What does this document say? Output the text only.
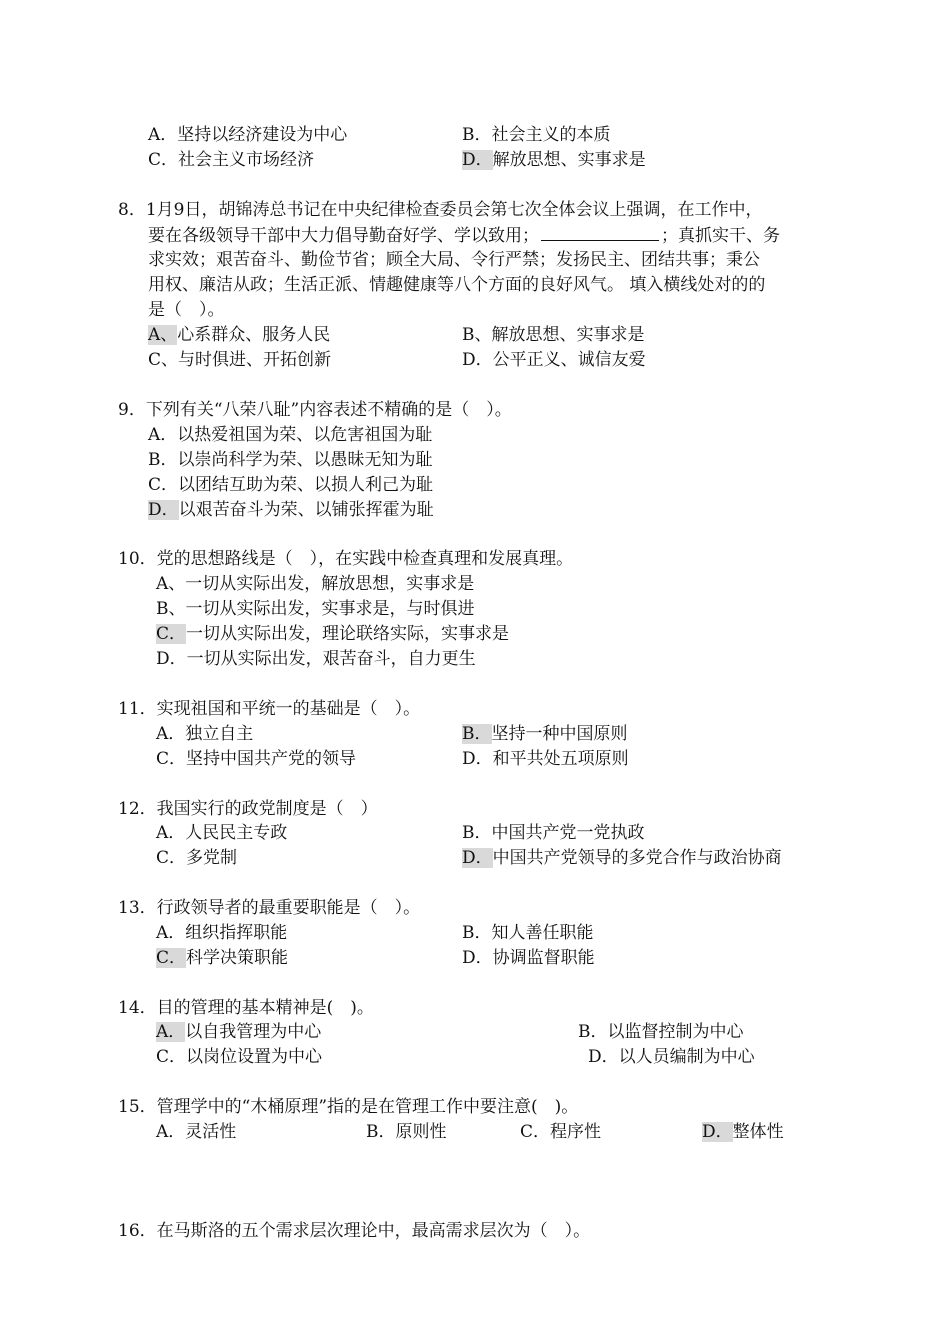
A．坚持以经济建设为中心	B．社会主义的本质
C．社会主义市场经济	D．解放思想、实事求是
8．1月9日，胡锦涛总书记在中央纪律检查委员会第七次全体会议上强调，在工作中，
要在各级领导干部中大力倡导勤奋好学、学以致用；	；真抓实干、务
求实效；艰苦奋斗、勤俭节省；顾全大局、令行严禁；发扬民主、团结共事；秉公
用权、廉洁从政；生活正派、情趣健康等八个方面的良好风气。 填入横线处对的的
是（　）。
A、心系群众、服务人民	B、解放思想、实事求是
C、与时俱进、开拓创新	D．公平正义、诚信友爱
9．下列有关“八荣八耻”内容表述不精确的是（　）。
A．以热爱祖国为荣、以危害祖国为耻
B．以崇尚科学为荣、以愚昧无知为耻
C．以团结互助为荣、以损人利己为耻
D．以艰苦奋斗为荣、以铺张挥霍为耻
10．党的思想路线是（　），在实践中检查真理和发展真理。
A、一切从实际出发，解放思想，实事求是
B、一切从实际出发，实事求是，与时俱进
C．一切从实际出发，理论联络实际，实事求是
D．一切从实际出发，艰苦奋斗，自力更生
11．实现祖国和平统一的基础是（　）。
A．独立自主	B．坚持一种中国原则
C．坚持中国共产党的领导	D．和平共处五项原则
12．我国实行的政党制度是（　）
A．人民民主专政	B．中国共产党一党执政
C．多党制	D．中国共产党领导的多党合作与政治协商
13．行政领导者的最重要职能是（　）。
A．组织指挥职能	B．知人善任职能
C．科学决策职能	D．协调监督职能
14．目的管理的基本精神是(　)。
A．以自我管理为中心	B．以监督控制为中心
C．以岗位设置为中心	D．以人员编制为中心
15．管理学中的“木桶原理”指的是在管理工作中要注意(　)。
A．灵活性	B．原则性	C．程序性	D．整体性
16．在马斯洛的五个需求层次理论中，最高需求层次为（　）。
